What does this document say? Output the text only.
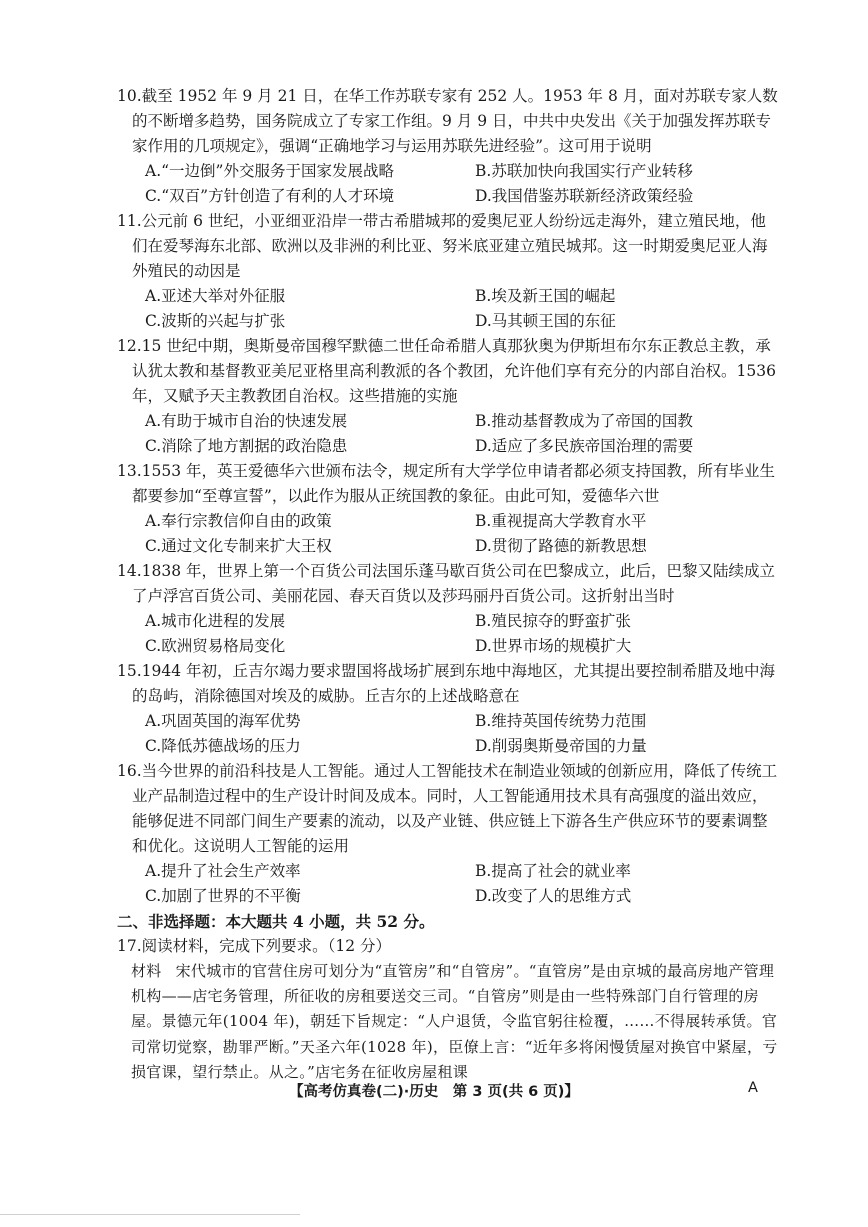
10.截至 1952 年 9 月 21 日，在华工作苏联专家有 252 人。1953 年 8 月，面对苏联专家人数的不断增多趋势，国务院成立了专家工作组。9 月 9 日，中共中央发出《关于加强发挥苏联专家作用的几项规定》，强调“正确地学习与运用苏联先进经验”。这可用于说明
A.“一边倒”外交服务于国家发展战略	B.苏联加快向我国实行产业转移
C.“双百”方针创造了有利的人才环境	D.我国借鉴苏联新经济政策经验
11.公元前 6 世纪，小亚细亚沿岸一带古希腊城邦的爱奥尼亚人纷纷远走海外，建立殖民地，他们在爱琴海东北部、欧洲以及非洲的利比亚、努米底亚建立殖民城邦。这一时期爱奥尼亚人海外殖民的动因是
A.亚述大举对外征服	B.埃及新王国的崛起
C.波斯的兴起与扩张	D.马其顿王国的东征
12.15 世纪中期，奥斯曼帝国穆罕默德二世任命希腊人真那狄奥为伊斯坦布尔东正教总主教，承认犹太教和基督教亚美尼亚格里高利教派的各个教团，允许他们享有充分的内部自治权。1536 年，又赋予天主教教团自治权。这些措施的实施
A.有助于城市自治的快速发展	B.推动基督教成为了帝国的国教
C.消除了地方割据的政治隐患	D.适应了多民族帝国治理的需要
13.1553 年，英王爱德华六世颁布法令，规定所有大学学位申请者都必须支持国教，所有毕业生都要参加“至尊宣誓”，以此作为服从正统国教的象征。由此可知，爱德华六世
A.奉行宗教信仰自由的政策	B.重视提高大学教育水平
C.通过文化专制来扩大王权	D.贯彻了路德的新教思想
14.1838 年，世界上第一个百货公司法国乐蓬马歇百货公司在巴黎成立，此后，巴黎又陆续成立了卢浮宫百货公司、美丽花园、春天百货以及莎玛丽丹百货公司。这折射出当时
A.城市化进程的发展	B.殖民掠夺的野蛮扩张
C.欧洲贸易格局变化	D.世界市场的规模扩大
15.1944 年初，丘吉尔竭力要求盟国将战场扩展到东地中海地区，尤其提出要控制希腊及地中海的岛屿，消除德国对埃及的威胁。丘吉尔的上述战略意在
A.巩固英国的海军优势	B.维持英国传统势力范围
C.降低苏德战场的压力	D.削弱奥斯曼帝国的力量
16.当今世界的前沿科技是人工智能。通过人工智能技术在制造业领域的创新应用，降低了传统工业产品制造过程中的生产设计时间及成本。同时，人工智能通用技术具有高强度的溢出效应，能够促进不同部门间生产要素的流动，以及产业链、供应链上下游各生产供应环节的要素调整和优化。这说明人工智能的运用
A.提升了社会生产效率	B.提高了社会的就业率
C.加剧了世界的不平衡	D.改变了人的思维方式

二、非选择题：本大题共 4 小题，共 52 分。

17.阅读材料，完成下列要求。（12 分）
材料 宋代城市的官营住房可划分为“直管房”和“自管房”。“直管房”是由京城的最高房地产管理机构——店宅务管理，所征收的房租要送交三司。“自管房”则是由一些特殊部门自行管理的房屋。景德元年(1004 年)，朝廷下旨规定：“人户退赁，令监官躬往检覆，……不得展转承赁。官司常切觉察，勘罪严断。”天圣六年(1028 年)，臣僚上言：“近年多将闲慢赁屋对换官中紧屋，亏损官课，望行禁止。从之。”店宅务在征收房屋租课
【高考仿真卷(二)·历史　第 3 页(共 6 页)】	A
